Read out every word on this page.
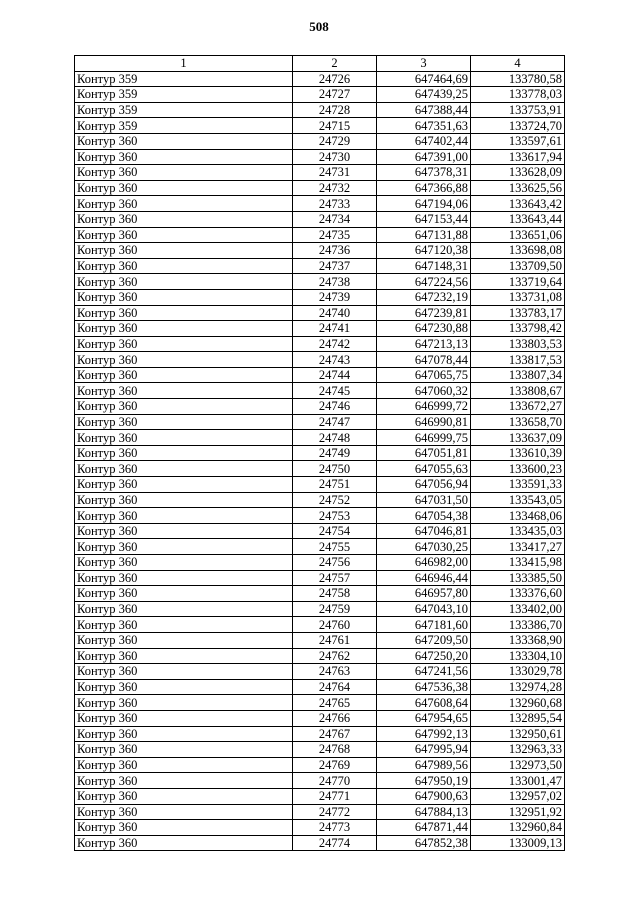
508
1	2	3	4
Контур 359	24726	647464,69	133780,58
Контур 359	24727	647439,25	133778,03
Контур 359	24728	647388,44	133753,91
Контур 359	24715	647351,63	133724,70
Контур 360	24729	647402,44	133597,61
Контур 360	24730	647391,00	133617,94
Контур 360	24731	647378,31	133628,09
Контур 360	24732	647366,88	133625,56
Контур 360	24733	647194,06	133643,42
Контур 360	24734	647153,44	133643,44
Контур 360	24735	647131,88	133651,06
Контур 360	24736	647120,38	133698,08
Контур 360	24737	647148,31	133709,50
Контур 360	24738	647224,56	133719,64
Контур 360	24739	647232,19	133731,08
Контур 360	24740	647239,81	133783,17
Контур 360	24741	647230,88	133798,42
Контур 360	24742	647213,13	133803,53
Контур 360	24743	647078,44	133817,53
Контур 360	24744	647065,75	133807,34
Контур 360	24745	647060,32	133808,67
Контур 360	24746	646999,72	133672,27
Контур 360	24747	646990,81	133658,70
Контур 360	24748	646999,75	133637,09
Контур 360	24749	647051,81	133610,39
Контур 360	24750	647055,63	133600,23
Контур 360	24751	647056,94	133591,33
Контур 360	24752	647031,50	133543,05
Контур 360	24753	647054,38	133468,06
Контур 360	24754	647046,81	133435,03
Контур 360	24755	647030,25	133417,27
Контур 360	24756	646982,00	133415,98
Контур 360	24757	646946,44	133385,50
Контур 360	24758	646957,80	133376,60
Контур 360	24759	647043,10	133402,00
Контур 360	24760	647181,60	133386,70
Контур 360	24761	647209,50	133368,90
Контур 360	24762	647250,20	133304,10
Контур 360	24763	647241,56	133029,78
Контур 360	24764	647536,38	132974,28
Контур 360	24765	647608,64	132960,68
Контур 360	24766	647954,65	132895,54
Контур 360	24767	647992,13	132950,61
Контур 360	24768	647995,94	132963,33
Контур 360	24769	647989,56	132973,50
Контур 360	24770	647950,19	133001,47
Контур 360	24771	647900,63	132957,02
Контур 360	24772	647884,13	132951,92
Контур 360	24773	647871,44	132960,84
Контур 360	24774	647852,38	133009,13
